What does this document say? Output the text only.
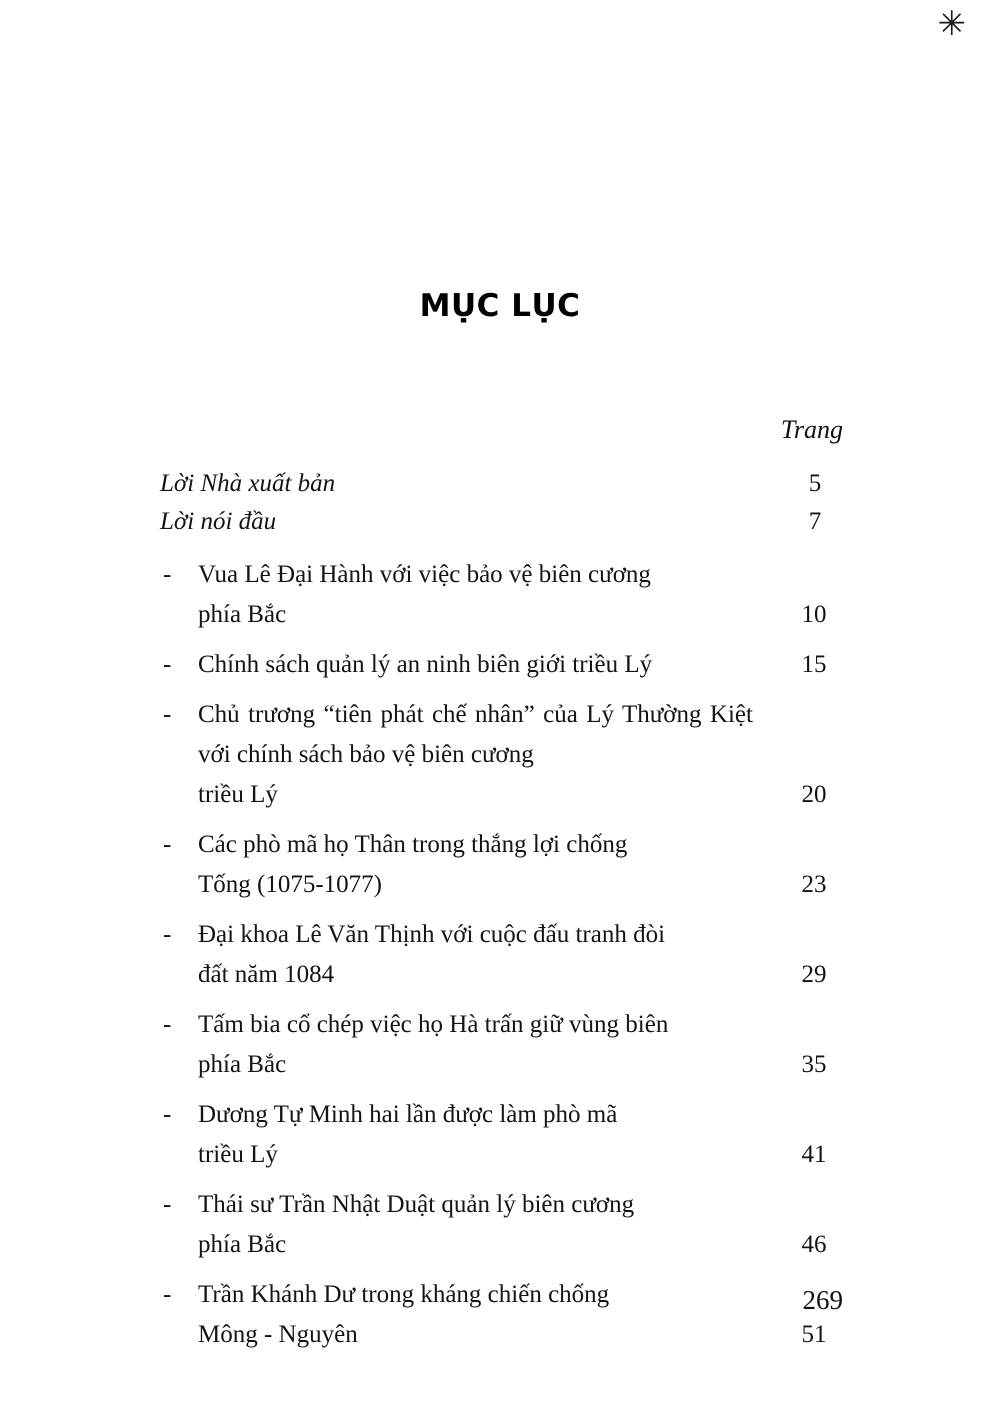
✳
MỤC LỤC
Trang
Lời Nhà xuất bản	5
Lời nói đầu	7
- Vua Lê Đại Hành với việc bảo vệ biên cương
phía Bắc	10
- Chính sách quản lý an ninh biên giới triều Lý	15
- Chủ trương “tiên phát chế nhân” của Lý Thường Kiệt với chính sách bảo vệ biên cương
triều Lý	20
- Các phò mã họ Thân trong thắng lợi chống
Tống (1075-1077)	23
- Đại khoa Lê Văn Thịnh với cuộc đấu tranh đòi
đất năm 1084	29
- Tấm bia cổ chép việc họ Hà trấn giữ vùng biên
phía Bắc	35
- Dương Tự Minh hai lần được làm phò mã
triều Lý	41
- Thái sư Trần Nhật Duật quản lý biên cương
phía Bắc	46
- Trần Khánh Dư trong kháng chiến chống
Mông - Nguyên	51
269
